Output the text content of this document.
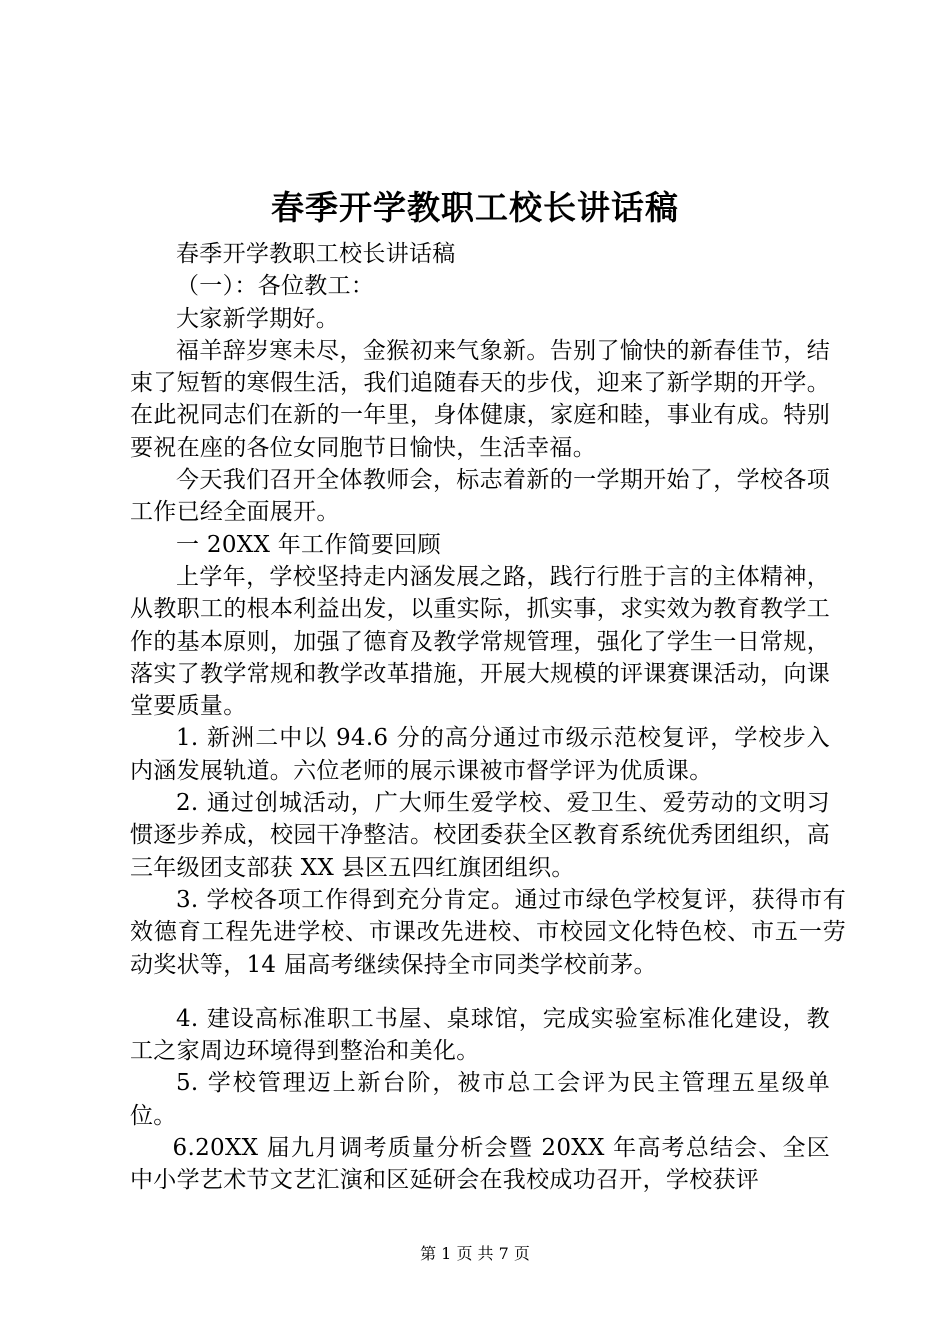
春季开学教职工校长讲话稿

春季开学教职工校长讲话稿

（一）：各位教工：

大家新学期好。

福羊辞岁寒未尽，金猴初来气象新。告别了愉快的新春佳节，结束了短暂的寒假生活，我们追随春天的步伐，迎来了新学期的开学。在此祝同志们在新的一年里，身体健康，家庭和睦，事业有成。特别要祝在座的各位女同胞节日愉快，生活幸福。

今天我们召开全体教师会，标志着新的一学期开始了，学校各项工作已经全面展开。

一 20XX 年工作简要回顾

上学年，学校坚持走内涵发展之路，践行行胜于言的主体精神，从教职工的根本利益出发，以重实际，抓实事，求实效为教育教学工作的基本原则，加强了德育及教学常规管理，强化了学生一日常规，落实了教学常规和教学改革措施，开展大规模的评课赛课活动，向课堂要质量。

1. 新洲二中以 94.6 分的高分通过市级示范校复评，学校步入内涵发展轨道。六位老师的展示课被市督学评为优质课。

2. 通过创城活动，广大师生爱学校、爱卫生、爱劳动的文明习惯逐步养成，校园干净整洁。校团委获全区教育系统优秀团组织，高三年级团支部获 XX 县区五四红旗团组织。

3. 学校各项工作得到充分肯定。通过市绿色学校复评，获得市有效德育工程先进学校、市课改先进校、市校园文化特色校、市五一劳动奖状等，14 届高考继续保持全市同类学校前茅。

4. 建设高标准职工书屋、桌球馆，完成实验室标准化建设，教工之家周边环境得到整治和美化。

5. 学校管理迈上新台阶，被市总工会评为民主管理五星级单位。

6.20XX 届九月调考质量分析会暨 20XX 年高考总结会、全区中小学艺术节文艺汇演和区延研会在我校成功召开，学校获评

第 1 页 共 7 页
